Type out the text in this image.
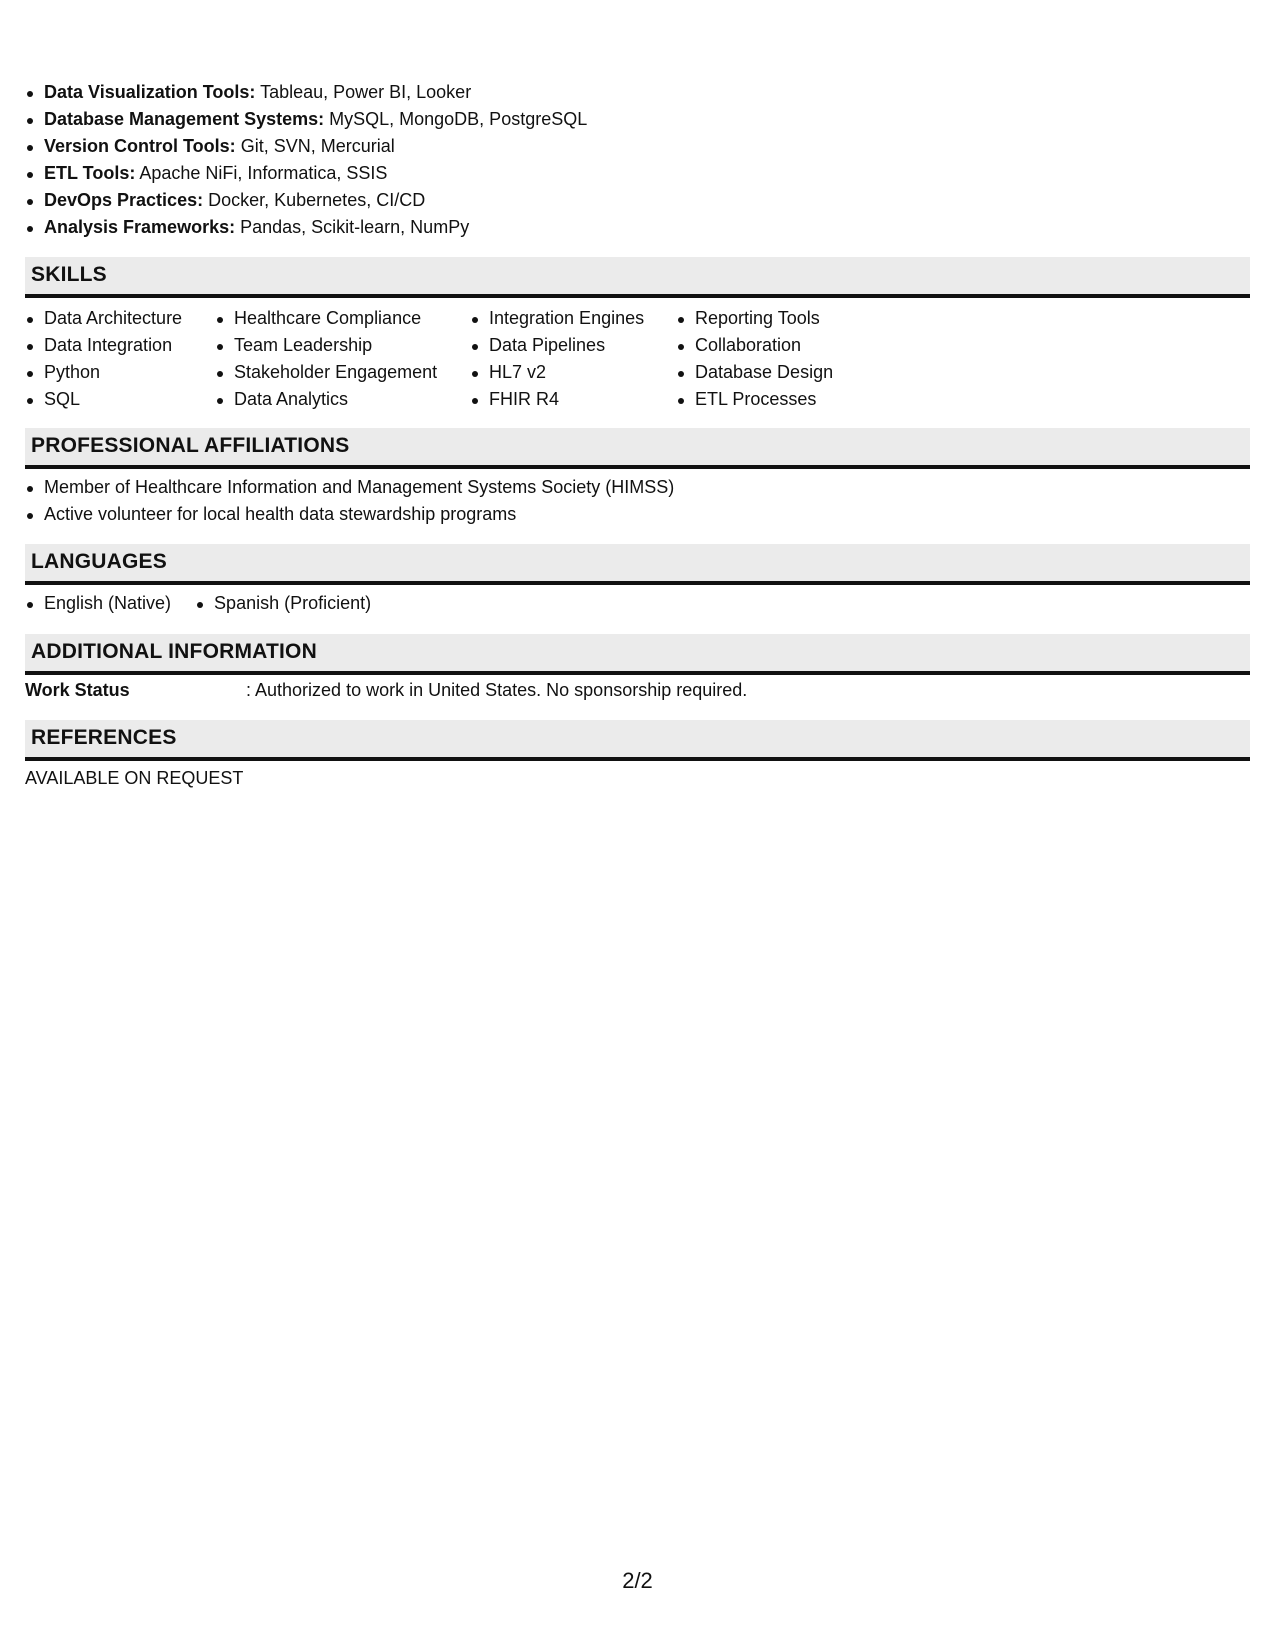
Data Visualization Tools: Tableau, Power BI, Looker
Database Management Systems: MySQL, MongoDB, PostgreSQL
Version Control Tools: Git, SVN, Mercurial
ETL Tools: Apache NiFi, Informatica, SSIS
DevOps Practices: Docker, Kubernetes, CI/CD
Analysis Frameworks: Pandas, Scikit-learn, NumPy
SKILLS
Data Architecture
Data Integration
Python
SQL
Healthcare Compliance
Team Leadership
Stakeholder Engagement
Data Analytics
Integration Engines
Data Pipelines
HL7 v2
FHIR R4
Reporting Tools
Collaboration
Database Design
ETL Processes
PROFESSIONAL AFFILIATIONS
Member of Healthcare Information and Management Systems Society (HIMSS)
Active volunteer for local health data stewardship programs
LANGUAGES
English (Native)	Spanish (Proficient)
ADDITIONAL INFORMATION
Work Status	: Authorized to work in United States. No sponsorship required.
REFERENCES
AVAILABLE ON REQUEST
2/2
